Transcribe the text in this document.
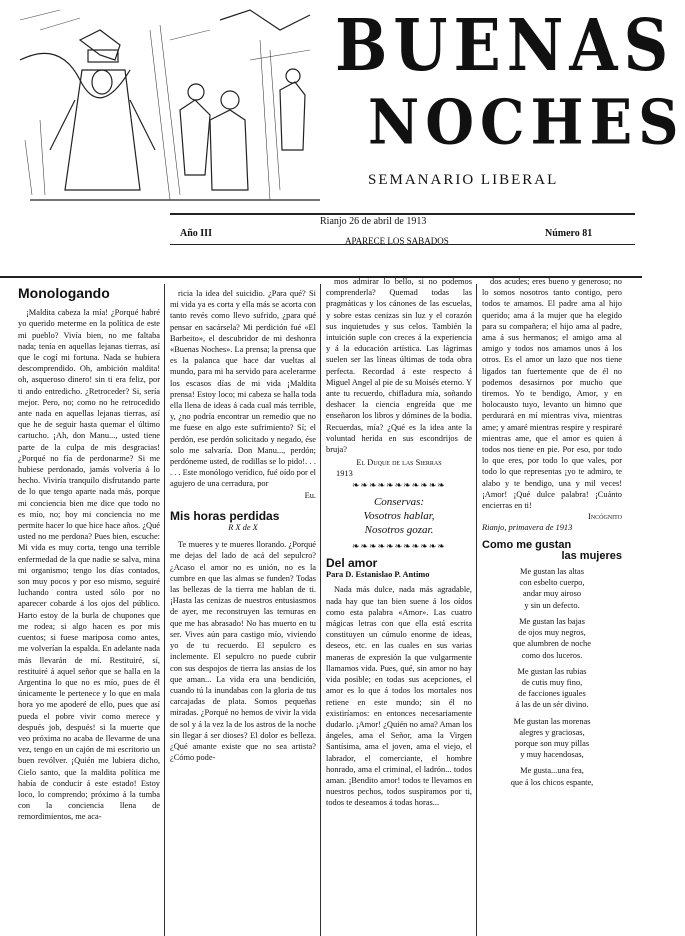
BUENAS
NOCHES
SEMANARIO LIBERAL
Año III
Rianjo 26 de abril de 1913
APARECE LOS SABADOS
Número 81
Monologando

¡Maldita cabeza la mía! ¿Porqué habré yo querido meterme en la política de este mi pueblo? Vivía bien, no me faltaba nada; tenía en aquellas lejanas tierras, así que le cogí mi fortuna. Nada se hubiera descomprendido. Oh, ambición maldita! oh, asqueroso dinero! sin ti era feliz, por ti ando entredicho. ¿Retroceder? Si, sería mejor. Pero, no; como no he retrocedido ante nada en aquellas lejanas tierras, así que he de seguir hasta quemar el último cartucho. ¡Ah, don Manu..., usted tiene parte de la culpa de mis desgracias! ¿Porqué no fía de perdonarme? Si me hubiese perdonado, jamás volvería á lo hecho. Viviría tranquilo disfrutando parte de lo que tengo aparte nada más, porque mi conciencia bien me dice que todo no es mío, no; hoy mi conciencia no me permite hacer lo que hice hace años. ¿Qué usted no me perdona? Pues bien, escuche: Mi vida es muy corta, tengo una terrible enfermedad de la que nadie se salva, mina mi organismo; tengo los días contados, son muy pocos y por eso mismo, seguiré luchando contra usted sólo por no aparecer cobarde á los ojos del público. Harto estoy de la burla de chupones que me rodea; si algo hacen es por mis cuentos; si fuese mariposa como antes, me volverían la espalda. En adelante nada más llevarán de mí. Restituiré, sí, restituiré á aquel señor que se halla en la Argentina lo que no es mío, pues de él únicamente le pertenece y lo que en mala hora yo me apoderé de ello, pues que así pueda el pobre vivir como merece y después job, después! si la muerte que veo próxima no acaba de llevarme de una vez, tengo en un cajón de mi escritorio un buen revólver. ¡Quién me lubiera dicho, Cielo santo, que la maldita política me había de conducir á este estado! Estoy loco, lo comprendo; próximo á la tumba con la conciencia llena de remordimientos, me aca-

ricia la idea del suicidio. ¿Para qué? Si mi vida ya es corta y ella más se acorta con tanto revés como llevo sufrido, ¿para qué pensar en sacársela? Mi perdición fué «El Barbeito», el descubridor de mi deshonra «Buenas Noches». La prensa; la prensa que es la palanca que hace dar vueltas al mundo, para mi ha servido para acelerarme los escasos días de mi vida ¡Maldita prensa! Estoy loco; mi cabeza se halla toda ella llena de ideas á cada cual más terrible, y, ¿no podría encontrar un remedio que no me fuese en algo este sufrimiento? Sí; el perdón, ese perdón solicitado y negado, ése solo me salvaría. Don Manu..., perdón; perdóneme usted, de rodillas se lo pido!. . . . . . Este monólogo verídico, fué oído por el agujero de una cerradura, por

Eu.
Mis horas perdidas
R X de X

Te mueres y te mueres llorando. ¿Porqué me dejas del lado de acá del sepulcro? ¿Acaso el amor no es unión, no es la cumbre en que las almas se funden? Todas las bellezas de la tierra me hablan de ti. ¡Hasta las cenizas de nuestros entusiasmos de ayer, me reconstruyen las ternuras en que me has abrasado! No has muerto en tu ser. Vives aún para castigo mío, viviendo yo de tu recuerdo. El sepulcro es inclemente. El sepulcro no puede cubrir con sus despojos de tierra las ansias de los que aman... La vida era una bendición, cuando tú la inundabas con la gloria de tus carcajadas de plata. Somos pequeñas miradas. ¿Porqué no hemos de vivir la vida de sol y á la vez la de los astros de la noche sin llegar á ser dioses? El dolor es belleza. ¿Qué amante existe que no sea artista? ¿Cómo pode-

mos admirar lo bello, si no podemos comprenderla? Quemad todas las pragmáticas y los cánones de las escuelas, y sobre estas cenizas sin luz y el corazón sus inquietudes y sus celos. También la intuición suple con creces á la experiencia y á la educación artística. Las lágrimas suelen ser las líneas últimas de toda obra perfecta. Recordad á este respecto á Miguel Angel al pie de su Moisés eterno. Y ante tu recuerdo, chifladura mía, soñando deshacer la ciencia engreída que me enseñaron los libros y dómines de la bodia. Recuerdas, mía? ¿Qué es la idea ante la voluntad herida en sus escondrijos de bruja?

El Duque de las Sierras
1913
❧❧❧❧❧❧❧❧❧❧❧
Conservas:
Vosotros hablar,
Nosotros gozar.
❧❧❧❧❧❧❧❧❧❧❧
Del amor
Para D. Estanislao P. Antimo

Nada más dulce, nada más agradable, nada hay que tan bien suene á los oídos como esta palabra «Amor». Las cuatro mágicas letras con que ella está escrita constituyen un cúmulo enorme de ideas, deseos, etc. en las cuales en sus varias maneras de expresión la que vulgarmente llamamos vida. Pues, qué, sin amor no hay vida posible; en todas sus acepciones, el amor es lo que á todos los mortales nos retiene en este mundo; sin él no existiríamos: en entonces necesariamente dudarlo. ¡Amor! ¿Quién no ama? Aman los ángeles, ama el Señor, ama la Virgen Santísima, ama el joven, ama el viejo, el labrador, el comerciante, el hombre honrado, ama el criminal, el ladrón... todos aman. ¡Bendito amor! todos te llevamos en nuestros pechos, todos suspiramos por ti, todos te deseamos á todas horas...

dos acudes; eres bueno y generoso; no lo somos nosotros tanto contigo, pero todos te amamos. El padre ama al hijo querido; ama á la mujer que ha elegido para su compañera; el hijo ama al padre, ama á sus hermanos; el amigo ama al amigo y todos nos amamos unos á los otros. Es el amor un lazo que nos tiene ligados tan fuertemente que de él no podemos desasirnos por mucho que tiremos. Yo te bendigo, Amor, y en holocausto tuyo, levanto un himno que perdurará en mí mientras viva, mientras ame; y amaré mientras respire y respiraré mientras ame, que el amor es quien á todos nos tiene en pie. Por eso, por todo lo que eres, por todo lo que vales, por todo lo que representas ¡yo te admiro, te alabo y te bendigo, una y mil veces! ¡Amor! ¡Qué dulce palabra! ¡Cuánto encierras en ti!

Incógnito
Rianjo, primavera de 1913
Como me gustan
las mujeres
Me gustan las altas
con esbelto cuerpo,
andar muy airoso
y sin un defecto.
Me gustan las bajas
de ojos muy negros,
que alumbren de noche
como dos luceros.
Me gustan las rubias
de cutis muy fino,
de facciones iguales
á las de un sér divino.
Me gustan las morenas
alegres y graciosas,
porque son muy pillas
y muy hacendosas,
Me gusta...una fea,
que á los chicos espante,
